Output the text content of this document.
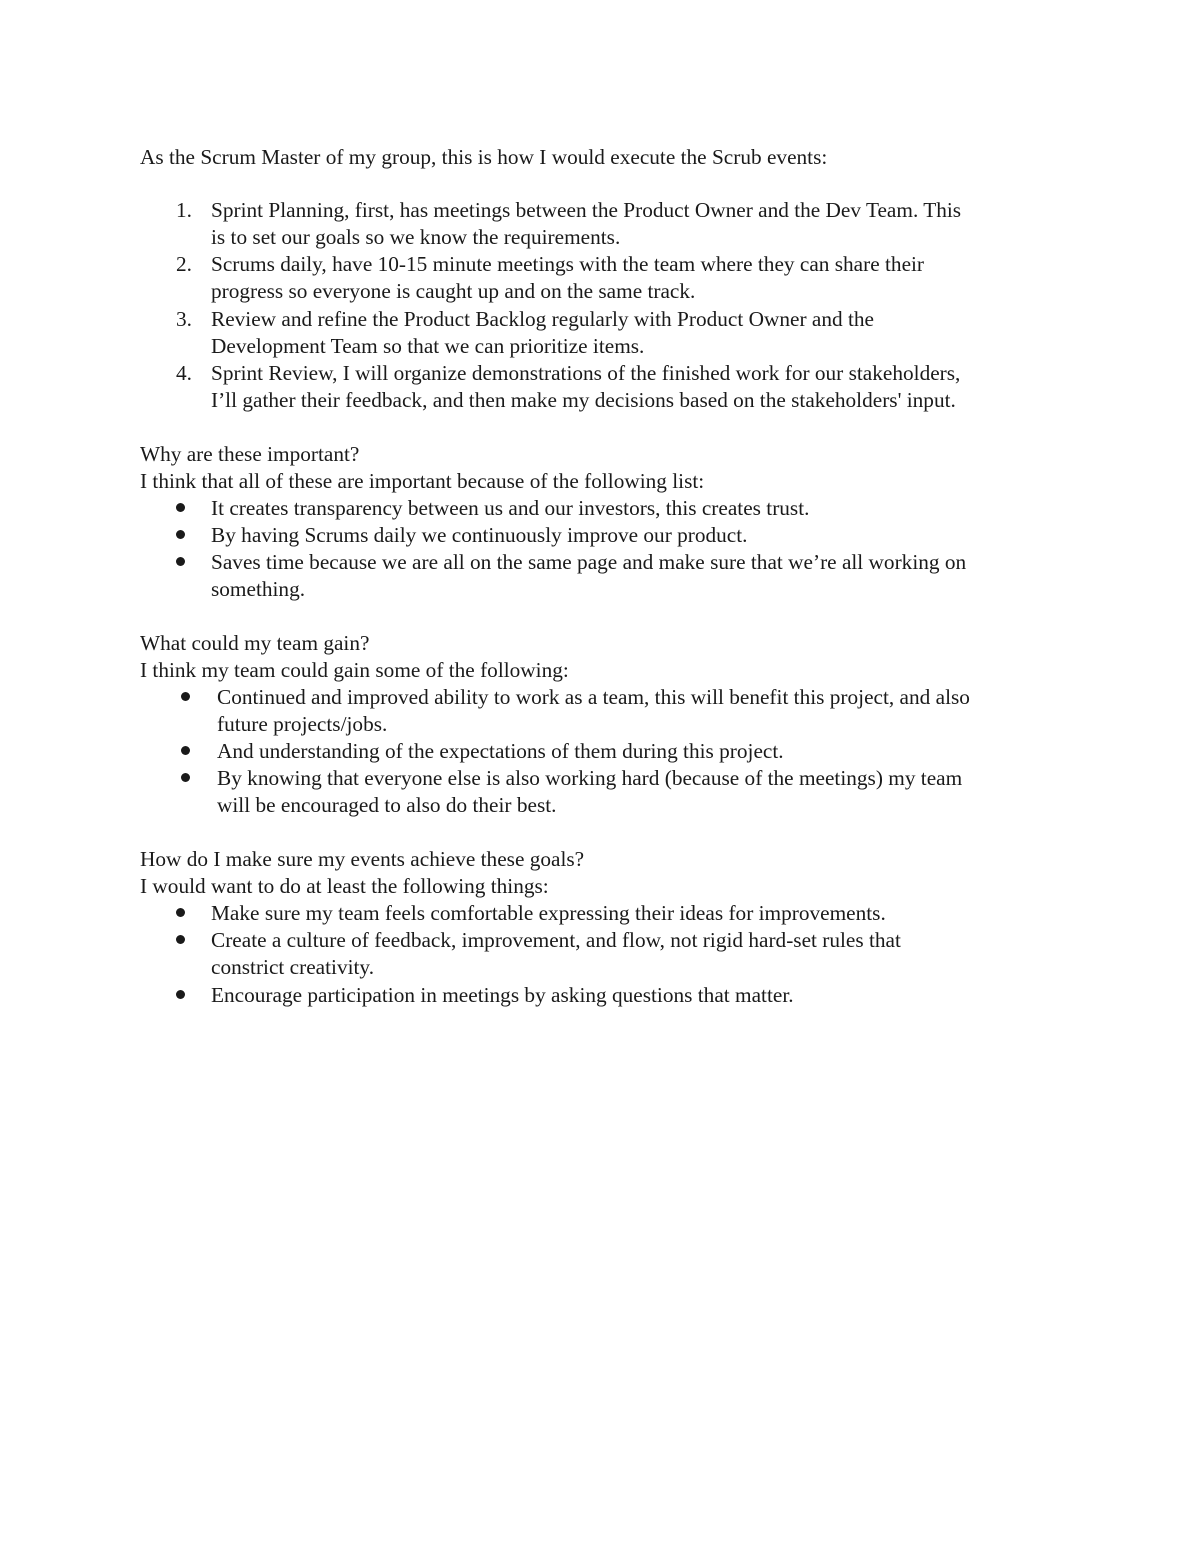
As the Scrum Master of my group, this is how I would execute the Scrub events:
1. Sprint Planning, first, has meetings between the Product Owner and the Dev Team. This
is to set our goals so we know the requirements.
2. Scrums daily, have 10-15 minute meetings with the team where they can share their
progress so everyone is caught up and on the same track.
3. Review and refine the Product Backlog regularly with Product Owner and the
Development Team so that we can prioritize items.
4. Sprint Review, I will organize demonstrations of the finished work for our stakeholders,
I’ll gather their feedback, and then make my decisions based on the stakeholders' input.
Why are these important?
I think that all of these are important because of the following list:
It creates transparency between us and our investors, this creates trust.
By having Scrums daily we continuously improve our product.
Saves time because we are all on the same page and make sure that we’re all working on
something.
What could my team gain?
I think my team could gain some of the following:
Continued and improved ability to work as a team, this will benefit this project, and also
future projects/jobs.
And understanding of the expectations of them during this project.
By knowing that everyone else is also working hard (because of the meetings) my team
will be encouraged to also do their best.
How do I make sure my events achieve these goals?
I would want to do at least the following things:
Make sure my team feels comfortable expressing their ideas for improvements.
Create a culture of feedback, improvement, and flow, not rigid hard-set rules that
constrict creativity.
Encourage participation in meetings by asking questions that matter.
